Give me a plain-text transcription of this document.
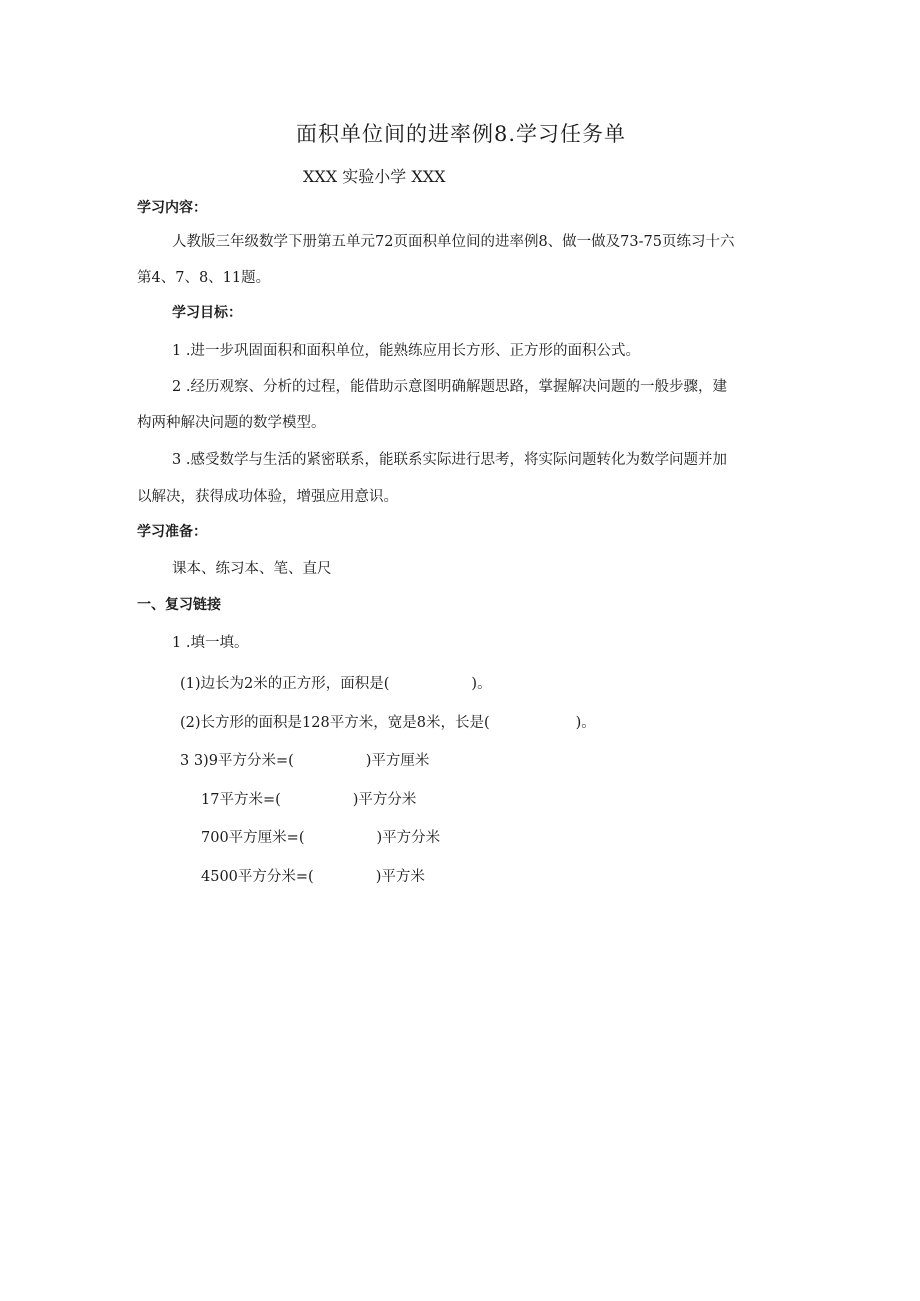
面积单位间的进率例8.学习任务单
XXX 实验小学 XXX
学习内容：
人教版三年级数学下册第五单元72页面积单位间的进率例8、做一做及73-75页练习十六
第4、7、8、11题。
学习目标：
1 .进一步巩固面积和面积单位，能熟练应用长方形、正方形的面积公式。
2 .经历观察、分析的过程，能借助示意图明确解题思路，掌握解决问题的一般步骤，建
构两种解决问题的数学模型。
3 .感受数学与生活的紧密联系，能联系实际进行思考，将实际问题转化为数学问题并加
以解决，获得成功体验，增强应用意识。
学习准备：
课本、练习本、笔、直尺
一、复习链接
1 .填一填。
(1)边长为2米的正方形，面积是(	)。
(2)长方形的面积是128平方米，宽是8米，长是(	)。
3 3)9平方分米=(	)平方厘米
17平方米=(	)平方分米
700平方厘米=(	)平方分米
4500平方分米=(	)平方米
